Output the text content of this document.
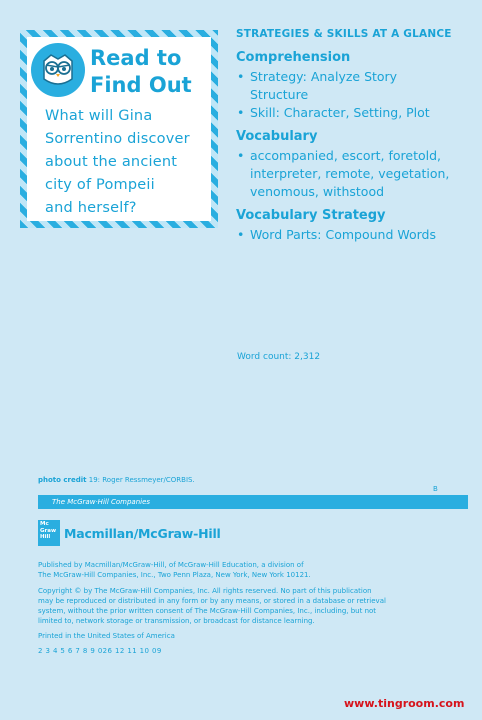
Read to
Find Out
What will Gina
Sorrentino discover
about the ancient
city of Pompeii
and herself?
STRATEGIES & SKILLS AT A GLANCE
Comprehension
• Strategy: Analyze Story
Structure
• Skill: Character, Setting, Plot
Vocabulary
• accompanied, escort, foretold,
interpreter, remote, vegetation,
venomous, withstood
Vocabulary Strategy
• Word Parts: Compound Words
Word count: 2,312
photo credit 19: Roger Ressmeyer/CORBIS.
B
The McGraw·Hill Companies
Mc
Graw
Hill	Macmillan/McGraw-Hill

Published by Macmillan/McGraw-Hill, of McGraw-Hill Education, a division of

The McGraw-Hill Companies, Inc., Two Penn Plaza, New York, New York 10121.

Copyright © by The McGraw-Hill Companies, Inc. All rights reserved. No part of this publication

may be reproduced or distributed in any form or by any means, or stored in a database or retrieval

system, without the prior written consent of The McGraw-Hill Companies, Inc., including, but not

limited to, network storage or transmission, or broadcast for distance learning.

Printed in the United States of America
2 3 4 5 6 7 8 9 026 12 11 10 09
www.tingroom.com
